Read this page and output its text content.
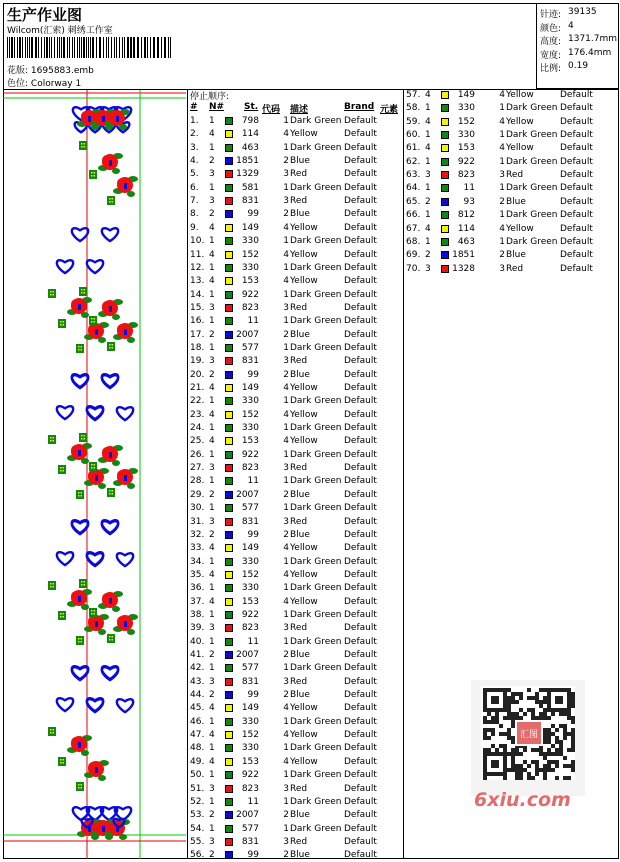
生产作业图
Wilcom(汇索) 刺绣工作室
花版: 1695883.emb
色位: Colorway 1
针迹: 39135
颜色: 4
高度: 1371.7mm
宽度: 176.4mm
比例: 0.19
停止顺序:
# N# St. 代码 描述	Brand 元素
1. 1	798	1 Dark Green Default
2. 4	114	4 Yellow	Default
3. 1	463	1 Dark Green Default
4. 2	1851	2 Blue	Default
5. 3	1329	3 Red	Default
6. 1	581	1 Dark Green Default
7. 3	831	3 Red	Default
8. 2	99	2 Blue	Default
9. 4	149	4 Yellow	Default
10. 1	330	1 Dark Green Default
11. 4	152	4 Yellow	Default
12. 1	330	1 Dark Green Default
13. 4	153	4 Yellow	Default
14. 1	922	1 Dark Green Default
15. 3	823	3 Red	Default
16. 1	11	1 Dark Green Default
17. 2	2007	2 Blue	Default
18. 1	577	1 Dark Green Default
19. 3	831	3 Red	Default
20. 2	99	2 Blue	Default
21. 4	149	4 Yellow	Default
22. 1	330	1 Dark Green Default
23. 4	152	4 Yellow	Default
24. 1	330	1 Dark Green Default
25. 4	153	4 Yellow	Default
26. 1	922	1 Dark Green Default
27. 3	823	3 Red	Default
28. 1	11	1 Dark Green Default
29. 2	2007	2 Blue	Default
30. 1	577	1 Dark Green Default
31. 3	831	3 Red	Default
32. 2	99	2 Blue	Default
33. 4	149	4 Yellow	Default
34. 1	330	1 Dark Green Default
35. 4	152	4 Yellow	Default
36. 1	330	1 Dark Green Default
37. 4	153	4 Yellow	Default
38. 1	922	1 Dark Green Default
39. 3	823	3 Red	Default
40. 1	11	1 Dark Green Default
41. 2	2007	2 Blue	Default
42. 1	577	1 Dark Green Default
43. 3	831	3 Red	Default
44. 2	99	2 Blue	Default
45. 4	149	4 Yellow	Default
46. 1	330	1 Dark Green Default
47. 4	152	4 Yellow	Default
48. 1	330	1 Dark Green Default
49. 4	153	4 Yellow	Default
50. 1	922	1 Dark Green Default
51. 3	823	3 Red	Default
52. 1	11	1 Dark Green Default
53. 2	2007	2 Blue	Default
54. 1	577	1 Dark Green Default
55. 3	831	3 Red	Default
56. 2	99	2 Blue	Default
57. 4	149	4 Yellow	Default
58. 1	330	1 Dark Green Default
59. 4	152	4 Yellow	Default
60. 1	330	1 Dark Green Default
61. 4	153	4 Yellow	Default
62. 1	922	1 Dark Green Default
63. 3	823	3 Red	Default
64. 1	11	1 Dark Green Default
65. 2	93	2 Blue	Default
66. 1	812	1 Dark Green Default
67. 4	114	4 Yellow	Default
68. 1	463	1 Dark Green Default
69. 2	1851	2 Blue	Default
70. 3	1328	3 Red	Default
汇图
6xiu.com
